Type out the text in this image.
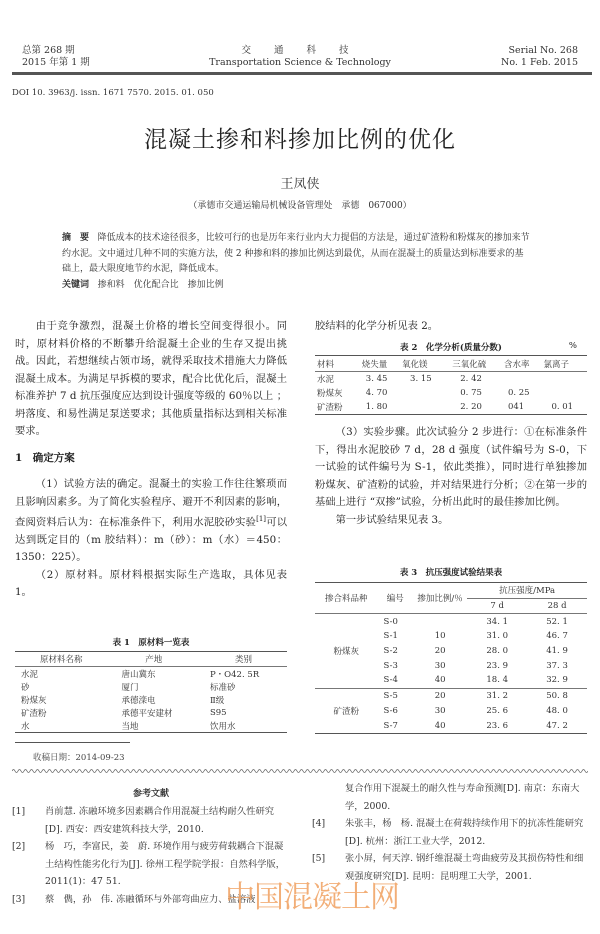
总第 268 期
2015 年第 1 期
交 通 科 技
Transportation Science & Technology
Serial No. 268
No. 1 Feb. 2015
DOI 10. 3963/j. issn. 1671 7570. 2015. 01. 050
混凝土掺和料掺加比例的优化
王凤侠
（承德市交通运输局机械设备管理处　承德　067000）
摘　要 降低成本的技术途径很多，比较可行的也是历年来行业内大力提倡的方法是，通过矿渣粉和粉煤灰的掺加来节约水泥。文中通过几种不同的实施方法，使 2 种掺和料的掺加比例达到最优，从而在混凝土的质量达到标准要求的基础上，最大限度地节约水泥，降低成本。
关键词 掺和料　优化配合比　掺加比例
由于竞争激烈，混凝土价格的增长空间变得很小。同时，原材料价格的不断攀升给混凝土企业的生存又提出挑战。因此，若想继续占领市场，就得采取技术措施大力降低混凝土成本。为满足早拆模的要求，配合比优化后，混凝土标准养护 7 d 抗压强度应达到设计强度等级的 60％以上 ；坍落度、和易性满足泵送要求；其他质量指标达到相关标准要求。
1　确定方案
（1）试验方法的确定。混凝土的实验工作往往繁琐而且影响因素多。为了简化实验程序、避开不利因素的影响，查阅资料后认为：在标准条件下，利用水泥胶砂实验[1]可以达到既定目的（m 胶结料）：m（砂）：m（水）＝450：1350：225）。
（2）原材料。原材料根据实际生产选取，具体见表 1。
表 1　原材料一览表
原材料名称	产地	类别
水泥	唐山冀东	P・O42. 5R
砂	厦门	标准砂
粉煤灰	承德滦电	Ⅱ级
矿渣粉	承德平安建材	S95
水	当地	饮用水
收稿日期：2014-09-23
胶结料的化学分析见表 2。
表 2　化学分析(质量分数)	%
材料	烧失量	氧化镁	三氧化硫	含水率	氯离子
水泥	3. 45	3. 15	2. 42		
粉煤灰	4. 70		0. 75	0. 25	
矿渣粉	1. 80		2. 20	041	0. 01
（3）实验步骤。此次试验分 2 步进行：①在标准条件下，得出水泥胶砂 7 d，28 d 强度（试件编号为 S-0，下一试验的试件编号为 S-1，依此类推），同时进行单独掺加粉煤灰、矿渣粉的试验，并对结果进行分析；②在第一步的基础上进行 “双掺”试验，分析出此时的最佳掺加比例。
第一步试验结果见表 3。
表 3　抗压强度试验结果表
掺合料品种	编号	掺加比例/％	抗压强度/MPa	
			7 d	28 d
粉煤灰	S-0		34. 1	52. 1
	S-1	10	31. 0	46. 7
	S-2	20	28. 0	41. 9
	S-3	30	23. 9	37. 3
	S-4	40	18. 4	32. 9
矿渣粉	S-5	20	31. 2	50. 8
	S-6	30	25. 6	48. 0
	S-7	40	23. 6	47. 2
参考文献
[1] 肖前慧. 冻融环境多因素耦合作用混凝土结构耐久性研究[D]. 西安：西安建筑科技大学，2010.
[2] 杨　巧，李富民，姜　蔚. 环境作用与疲劳荷载耦合下混凝土结构性能劣化行为[J]. 徐州工程学院学报：自然科学版，2011(1)：47 51.
[3] 蔡　儁，孙　伟. 冻融循环与外部弯曲应力、盐溶液
复合作用下混凝土的耐久性与寿命预测[D]. 南京：东南大学，2000.
[4] 朱张丰，杨　杨. 混凝土在荷载持续作用下的抗冻性能研究[D]. 杭州：浙江工业大学，2012.
[5] 张小屏，何天淳. 钢纤维混凝土弯曲疲劳及其损伤特性和细观强度研究[D]. 昆明：昆明理工大学，2001.
中国混凝土网
